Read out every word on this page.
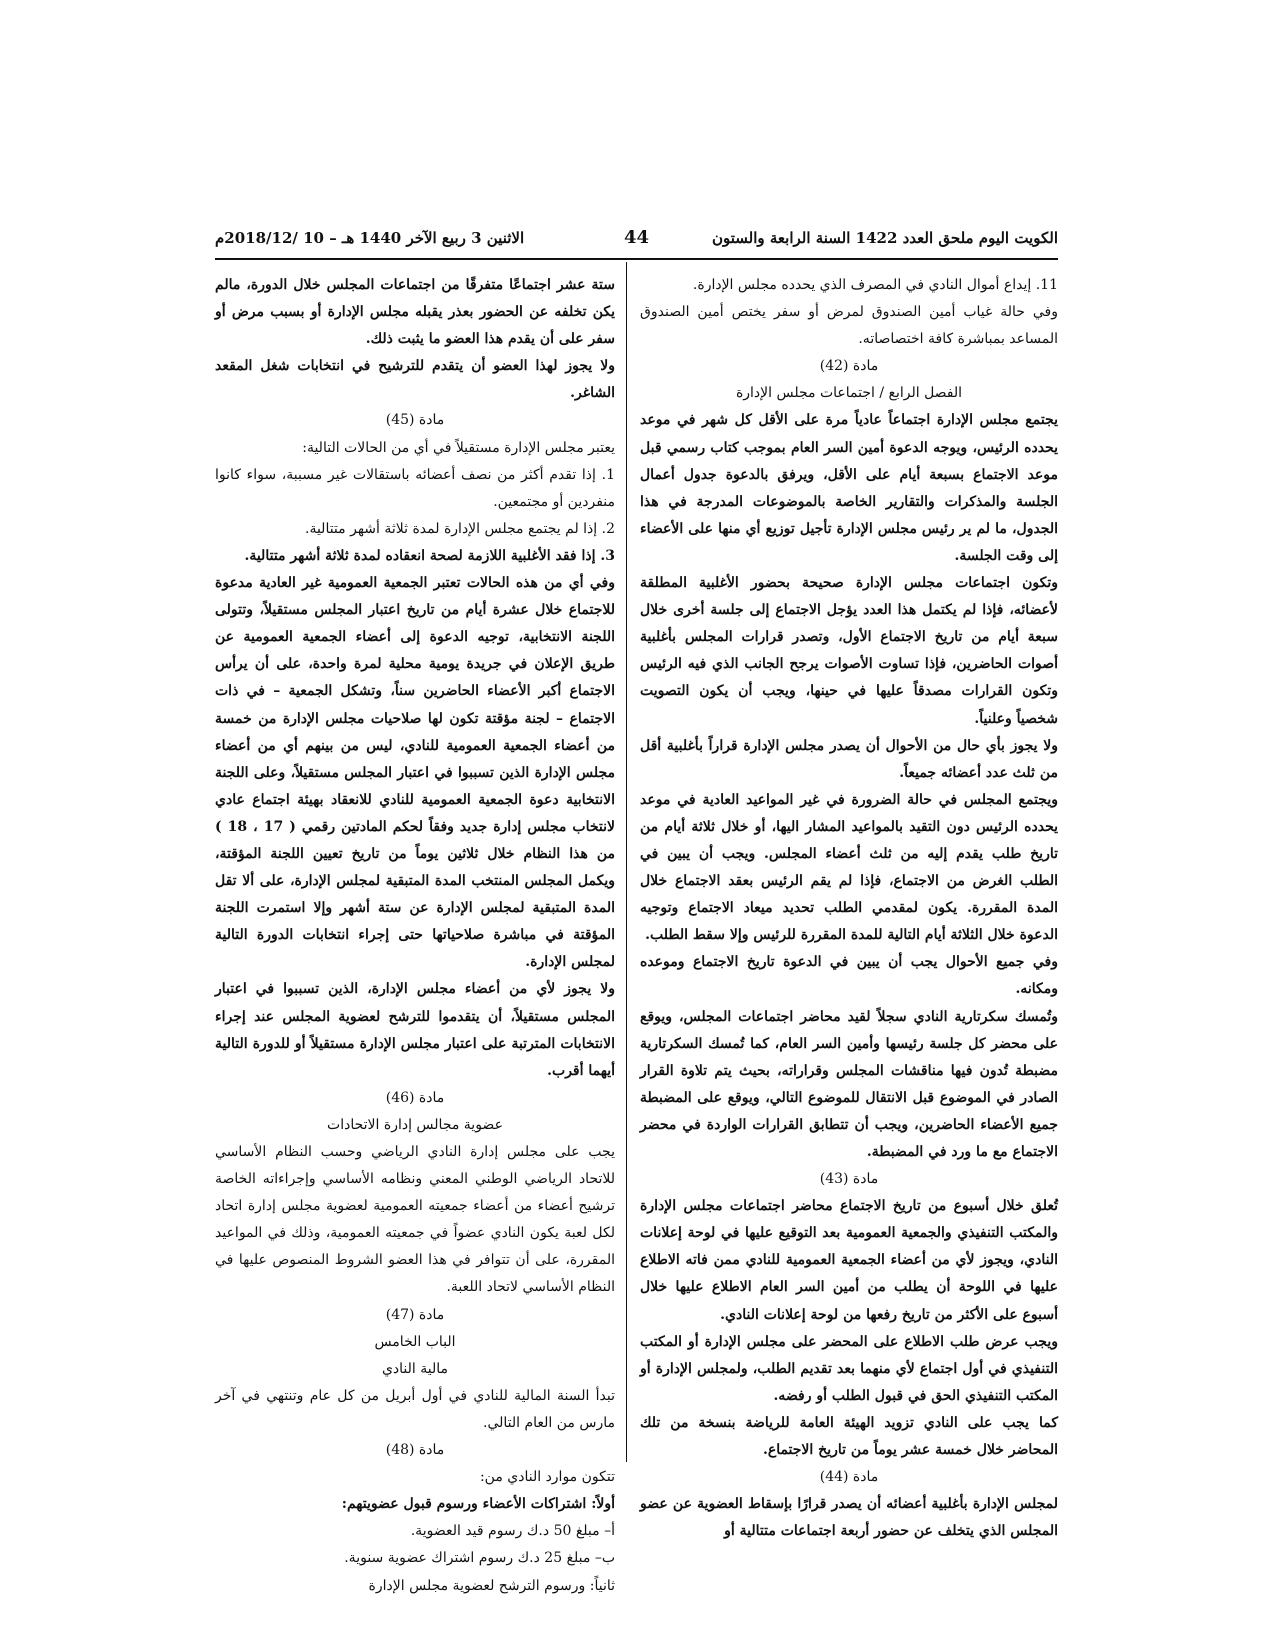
الكويت اليوم ملحق العدد 1422 السنة الرابعة والستون
44
الاثنين 3 ربيع الآخر 1440 هـ – 10 /2018/12م

11. إيداع أموال النادي في المصرف الذي يحدده مجلس الإدارة.

وفي حالة غياب أمين الصندوق لمرض أو سفر يختص أمين الصندوق المساعد بمباشرة كافة اختصاصاته.

مادة (42)

الفصل الرابع / اجتماعات مجلس الإدارة

يجتمع مجلس الإدارة اجتماعاً عادياً مرة على الأقل كل شهر في موعد يحدده الرئيس، ويوجه الدعوة أمين السر العام بموجب كتاب رسمي قبل موعد الاجتماع بسبعة أيام على الأقل، ويرفق بالدعوة جدول أعمال الجلسة والمذكرات والتقارير الخاصة بالموضوعات المدرجة في هذا الجدول، ما لم ير رئيس مجلس الإدارة تأجيل توزيع أي منها على الأعضاء إلى وقت الجلسة.

وتكون اجتماعات مجلس الإدارة صحيحة بحضور الأغلبية المطلقة لأعضائه، فإذا لم يكتمل هذا العدد يؤجل الاجتماع إلى جلسة أخرى خلال سبعة أيام من تاريخ الاجتماع الأول، وتصدر قرارات المجلس بأغلبية أصوات الحاضرين، فإذا تساوت الأصوات يرجح الجانب الذي فيه الرئيس وتكون القرارات مصدقاً عليها في حينها، ويجب أن يكون التصويت شخصياً وعلنياً.

ولا يجوز بأي حال من الأحوال أن يصدر مجلس الإدارة قراراً بأغلبية أقل من ثلث عدد أعضائه جميعاً.

ويجتمع المجلس في حالة الضرورة في غير المواعيد العادية في موعد يحدده الرئيس دون التقيد بالمواعيد المشار اليها، أو خلال ثلاثة أيام من تاريخ طلب يقدم إليه من ثلث أعضاء المجلس. ويجب أن يبين في الطلب الغرض من الاجتماع، فإذا لم يقم الرئيس بعقد الاجتماع خلال المدة المقررة. يكون لمقدمي الطلب تحديد ميعاد الاجتماع وتوجيه الدعوة خلال الثلاثة أيام التالية للمدة المقررة للرئيس وإلا سقط الطلب.

وفي جميع الأحوال يجب أن يبين في الدعوة تاريخ الاجتماع وموعده ومكانه.

وتُمسك سكرتارية النادي سجلاً لقيد محاضر اجتماعات المجلس، ويوقع على محضر كل جلسة رئيسها وأمين السر العام، كما تُمسك السكرتارية مضبطة تُدون فيها مناقشات المجلس وقراراته، بحيث يتم تلاوة القرار الصادر في الموضوع قبل الانتقال للموضوع التالي، ويوقع على المضبطة جميع الأعضاء الحاضرين، ويجب أن تتطابق القرارات الواردة في محضر الاجتماع مع ما ورد في المضبطة.

مادة (43)

تُعلق خلال أسبوع من تاريخ الاجتماع محاضر اجتماعات مجلس الإدارة والمكتب التنفيذي والجمعية العمومية بعد التوقيع عليها في لوحة إعلانات النادي، ويجوز لأي من أعضاء الجمعية العمومية للنادي ممن فاته الاطلاع عليها في اللوحة أن يطلب من أمين السر العام الاطلاع عليها خلال أسبوع على الأكثر من تاريخ رفعها من لوحة إعلانات النادي.

ويجب عرض طلب الاطلاع على المحضر على مجلس الإدارة أو المكتب التنفيذي في أول اجتماع لأي منهما بعد تقديم الطلب، ولمجلس الإدارة أو المكتب التنفيذي الحق في قبول الطلب أو رفضه.

كما يجب على النادي تزويد الهيئة العامة للرياضة بنسخة من تلك المحاضر خلال خمسة عشر يوماً من تاريخ الاجتماع.

مادة (44)

لمجلس الإدارة بأغلبية أعضائه أن يصدر قرارًا بإسقاط العضوية عن عضو المجلس الذي يتخلف عن حضور أربعة اجتماعات متتالية أو

ستة عشر اجتماعًا متفرقًا من اجتماعات المجلس خلال الدورة، مالم يكن تخلفه عن الحضور بعذر يقبله مجلس الإدارة أو بسبب مرض أو سفر على أن يقدم هذا العضو ما يثبت ذلك.

ولا يجوز لهذا العضو أن يتقدم للترشيح في انتخابات شغل المقعد الشاغر.

مادة (45)

يعتبر مجلس الإدارة مستقيلاً في أي من الحالات التالية:

1. إذا تقدم أكثر من نصف أعضائه باستقالات غير مسببة، سواء كانوا منفردين أو مجتمعين.

2. إذا لم يجتمع مجلس الإدارة لمدة ثلاثة أشهر متتالية.

3. إذا فقد الأغلبية اللازمة لصحة انعقاده لمدة ثلاثة أشهر متتالية.

وفي أي من هذه الحالات تعتبر الجمعية العمومية غير العادية مدعوة للاجتماع خلال عشرة أيام من تاريخ اعتبار المجلس مستقيلاً، وتتولى اللجنة الانتخابية، توجيه الدعوة إلى أعضاء الجمعية العمومية عن طريق الإعلان في جريدة يومية محلية لمرة واحدة، على أن يرأس الاجتماع أكبر الأعضاء الحاضرين سناً، وتشكل الجمعية – في ذات الاجتماع – لجنة مؤقتة تكون لها صلاحيات مجلس الإدارة من خمسة من أعضاء الجمعية العمومية للنادي، ليس من بينهم أي من أعضاء مجلس الإدارة الذين تسببوا في اعتبار المجلس مستقيلاً، وعلى اللجنة الانتخابية دعوة الجمعية العمومية للنادي للانعقاد بهيئة اجتماع عادي لانتخاب مجلس إدارة جديد وفقاً لحكم المادتين رقمي ( 17 ، 18 ) من هذا النظام خلال ثلاثين يوماً من تاريخ تعيين اللجنة المؤقتة، ويكمل المجلس المنتخب المدة المتبقية لمجلس الإدارة، على ألا تقل المدة المتبقية لمجلس الإدارة عن ستة أشهر وإلا استمرت اللجنة المؤقتة في مباشرة صلاحياتها حتى إجراء انتخابات الدورة التالية لمجلس الإدارة.

ولا يجوز لأي من أعضاء مجلس الإدارة، الذين تسببوا في اعتبار المجلس مستقيلاً، أن يتقدموا للترشح لعضوية المجلس عند إجراء الانتخابات المترتبة على اعتبار مجلس الإدارة مستقيلاً أو للدورة التالية أيهما أقرب.

مادة (46)

عضوية مجالس إدارة الاتحادات

يجب على مجلس إدارة النادي الرياضي وحسب النظام الأساسي للاتحاد الرياضي الوطني المعني ونظامه الأساسي وإجراءاته الخاصة ترشيح أعضاء من أعضاء جمعيته العمومية لعضوية مجلس إدارة اتحاد لكل لعبة يكون النادي عضواً في جمعيته العمومية، وذلك في المواعيد المقررة، على أن تتوافر في هذا العضو الشروط المنصوص عليها في النظام الأساسي لاتحاد اللعبة.

مادة (47)

الباب الخامس

مالية النادي

تبدأ السنة المالية للنادي في أول أبريل من كل عام وتنتهي في آخر مارس من العام التالي.

مادة (48)

تتكون موارد النادي من:

أولاً: اشتراكات الأعضاء ورسوم قبول عضويتهم:

أ– مبلغ 50 د.ك رسوم قيد العضوية.

ب– مبلغ 25 د.ك رسوم اشتراك عضوية سنوية.

ثانياً: ورسوم الترشح لعضوية مجلس الإدارة
